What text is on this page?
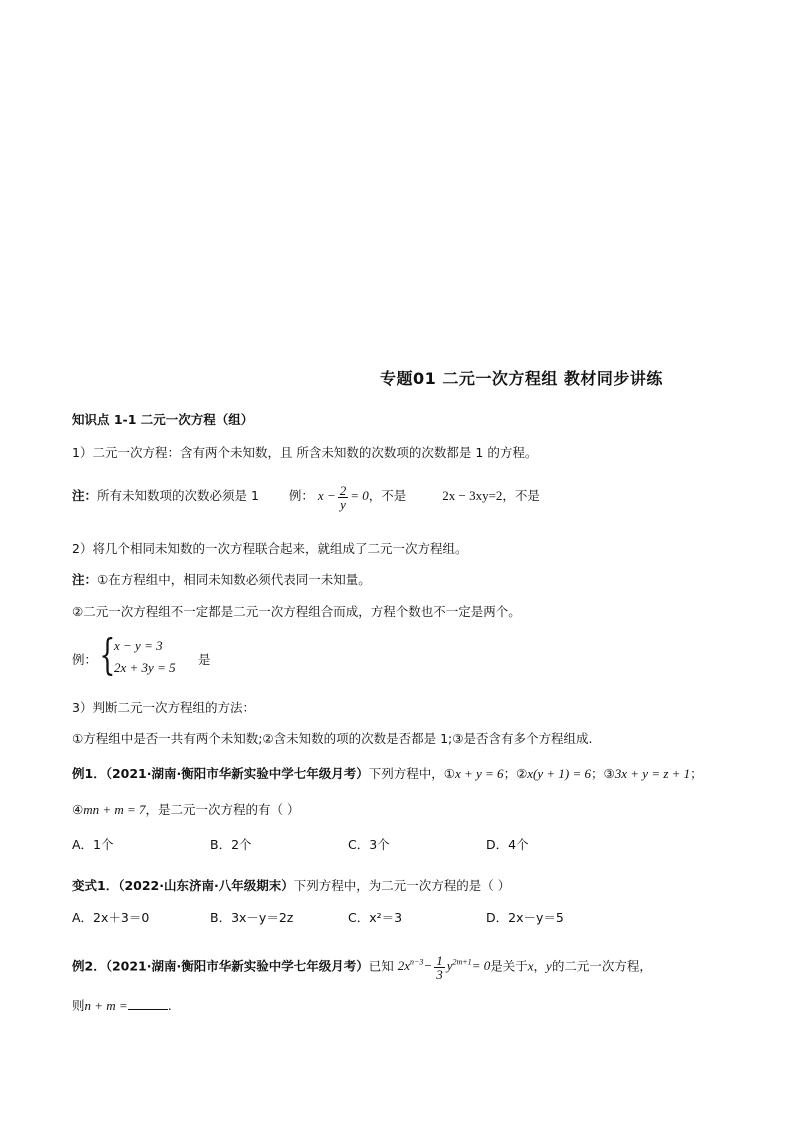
专题01 二元一次方程组 教材同步讲练
知识点 1-1 二元一次方程（组）
1）二元一次方程：含有两个未知数，且 所含未知数的次数项的次数都是 1 的方程。
注：所有未知数项的次数必须是 1 例： $x - \frac{2}{y} = 0$，不是	2x − 3xy=2，不是
2）将几个相同未知数的一次方程联合起来，就组成了二元一次方程组。
注：①在方程组中，相同未知数必须代表同一未知量。
②二元一次方程组不一定都是二元一次方程组合而成，方程个数也不一定是两个。
例： {
x − y = 3
2x + 3y = 5
是
3）判断二元一次方程组的方法：
①方程组中是否一共有两个未知数;②含未知数的项的次数是否都是 1;③是否含有多个方程组成.
例1．（2021·湖南·衡阳市华新实验中学七年级月考）下列方程中，①x + y = 6；②x(y + 1) = 6；③3x + y = z + 1；
④mn + m = 7，是二元一次方程的有（ ）
A．1个	B．2个	C．3个	D．4个
变式1．（2022·山东济南·八年级期末）下列方程中，为二元一次方程的是（ ）
A．2x＋3＝0	B．3x－y＝2z	C．x²＝3	D．2x－y＝5
例2．（2021·湖南·衡阳市华新实验中学七年级月考）已知 $2x^{n-3}- \frac{1}{3} y^{2m+1}= 0$是关于x，y的二元一次方程，
则n + m =	.
